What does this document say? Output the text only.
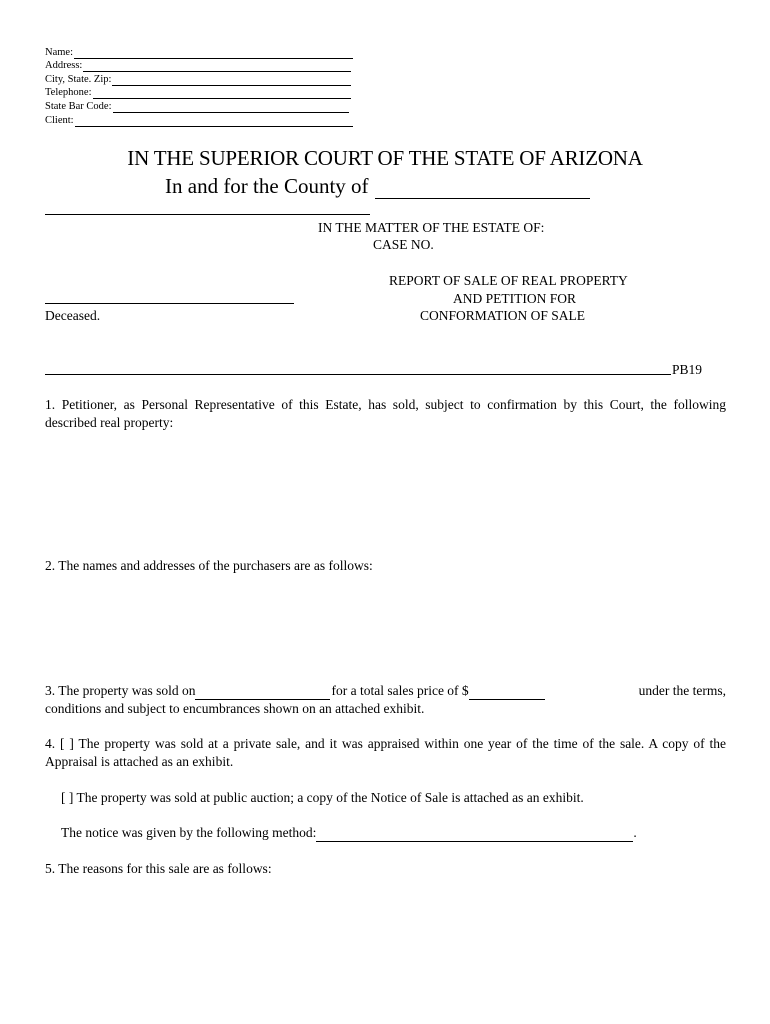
Name:
Address:
City, State. Zip:
Telephone:
State Bar Code:
Client:
IN THE SUPERIOR COURT OF THE STATE OF ARIZONA
In and for the County of
IN THE MATTER OF THE ESTATE OF:
CASE NO.
REPORT OF SALE OF REAL PROPERTY
AND PETITION FOR
CONFORMATION OF SALE
Deceased.
PB19
1. Petitioner, as Personal Representative of this Estate, has sold, subject to confirmation by this Court, the following described real property:
2. The names and addresses of the purchasers are as follows:
3. The property was sold on	for a total sales price of $	under the terms,
conditions and subject to encumbrances shown on an attached exhibit.
4. [ ] The property was sold at a private sale, and it was appraised within one year of the time of the sale. A copy of the Appraisal is attached as an exhibit.
[ ] The property was sold at public auction; a copy of the Notice of Sale is attached as an exhibit.
The notice was given by the following method:	.
5. The reasons for this sale are as follows:
